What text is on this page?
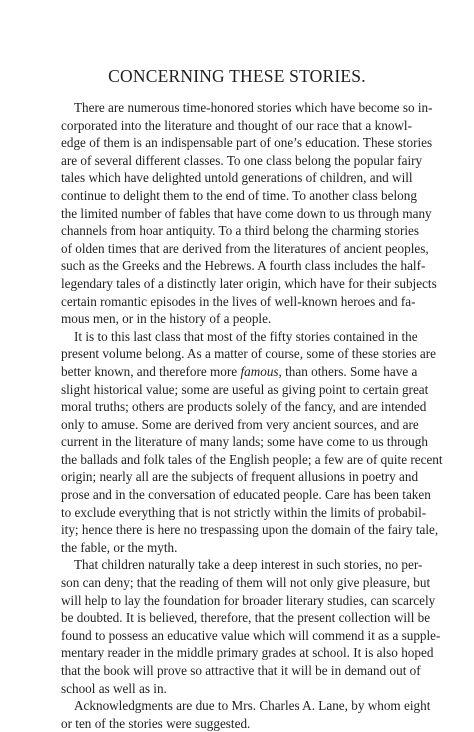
CONCERNING THESE STORIES.
There are numerous time-honored stories which have become so in-
corporated into the literature and thought of our race that a knowl-
edge of them is an indispensable part of one’s education. These stories
are of several different classes. To one class belong the popular fairy
tales which have delighted untold generations of children, and will
continue to delight them to the end of time. To another class belong
the limited number of fables that have come down to us through many
channels from hoar antiquity. To a third belong the charming stories
of olden times that are derived from the literatures of ancient peoples,
such as the Greeks and the Hebrews. A fourth class includes the half-
legendary tales of a distinctly later origin, which have for their subjects
certain romantic episodes in the lives of well-known heroes and fa-
mous men, or in the history of a people.
It is to this last class that most of the fifty stories contained in the
present volume belong. As a matter of course, some of these stories are
better known, and therefore more famous, than others. Some have a
slight historical value; some are useful as giving point to certain great
moral truths; others are products solely of the fancy, and are intended
only to amuse. Some are derived from very ancient sources, and are
current in the literature of many lands; some have come to us through
the ballads and folk tales of the English people; a few are of quite recent
origin; nearly all are the subjects of frequent allusions in poetry and
prose and in the conversation of educated people. Care has been taken
to exclude everything that is not strictly within the limits of probabil-
ity; hence there is here no trespassing upon the domain of the fairy tale,
the fable, or the myth.
That children naturally take a deep interest in such stories, no per-
son can deny; that the reading of them will not only give pleasure, but
will help to lay the foundation for broader literary studies, can scarcely
be doubted. It is believed, therefore, that the present collection will be
found to possess an educative value which will commend it as a supple-
mentary reader in the middle primary grades at school. It is also hoped
that the book will prove so attractive that it will be in demand out of
school as well as in.
Acknowledgments are due to Mrs. Charles A. Lane, by whom eight
or ten of the stories were suggested.
